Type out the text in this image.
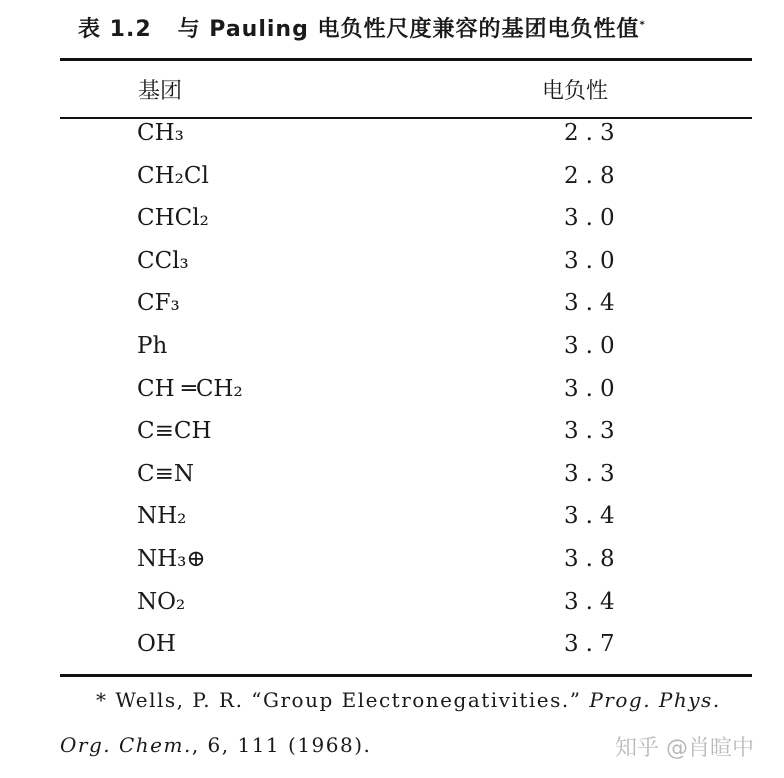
表 1.2 与 Pauling 电负性尺度兼容的基团电负性值*
基团	电负性
CH₃	2.3
CH₂Cl	2.8
CHCl₂	3.0
CCl₃	3.0
CF₃	3.4
Ph	3.0
CH ═CH₂	3.0
C≡CH	3.3
C≡N	3.3
NH₂	3.4
NH₃⊕	3.8
NO₂	3.4
OH	3.7
* Wells, P. R. “Group Electronegativities.” Prog. Phys.
Org. Chem., 6, 111 (1968).	知乎 @肖暄中
